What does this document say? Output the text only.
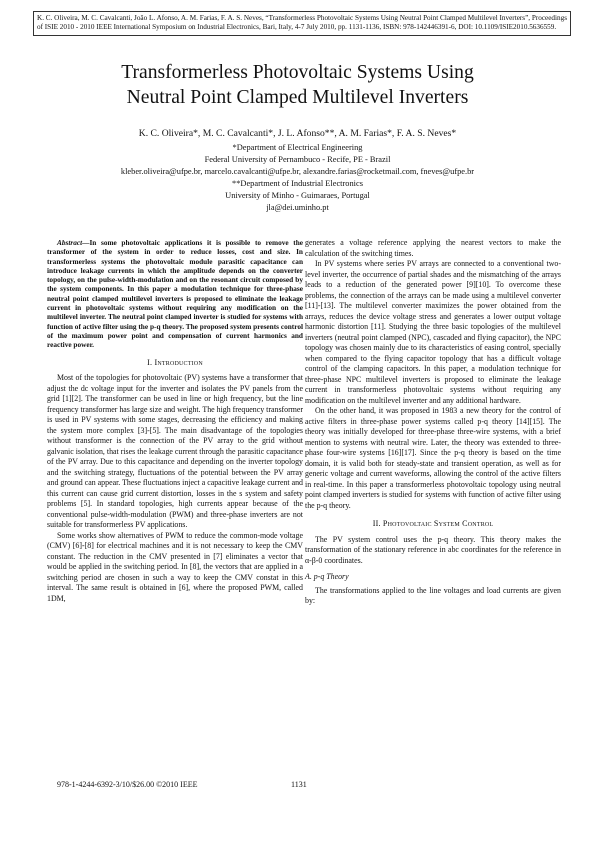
K. C. Oliveira, M. C. Cavalcanti, João L. Afonso, A. M. Farias, F. A. S. Neves, “Transformerless Photovoltaic Systems Using Neutral Point Clamped Multilevel Inverters”, Proceedings of ISIE 2010 - 2010 IEEE International Symposium on Industrial Electronics, Bari, Italy, 4-7 July 2010, pp. 1131-1136, ISBN: 978-142446391-6, DOI: 10.1109/ISIE2010.5636559.
Transformerless Photovoltaic Systems Using
Neutral Point Clamped Multilevel Inverters
K. C. Oliveira*, M. C. Cavalcanti*, J. L. Afonso**, A. M. Farias*, F. A. S. Neves*
*Department of Electrical Engineering
Federal University of Pernambuco - Recife, PE - Brazil
kleber.oliveira@ufpe.br, marcelo.cavalcanti@ufpe.br, alexandre.farias@rocketmail.com, fneves@ufpe.br
**Department of Industrial Electronics
University of Minho - Guimaraes, Portugal
jla@dei.uminho.pt

Abstract—In some photovoltaic applications it is possible to remove the transformer of the system in order to reduce losses, cost and size. In transformerless systems the photovoltaic module parasitic capacitance can introduce leakage currents in which the amplitude depends on the converter topology, on the pulse-width-modulation and on the resonant circuit composed by the system components. In this paper a modulation technique for three-phase neutral point clamped multilevel inverters is proposed to eliminate the leakage current in photovoltaic systems without requiring any modification on the multilevel inverter. The neutral point clamped inverter is studied for systems with function of active filter using the p-q theory. The proposed system presents control of the maximum power point and compensation of current harmonics and reactive power.

I. Introduction

Most of the topologies for photovoltaic (PV) systems have a transformer that adjust the dc voltage input for the inverter and isolates the PV panels from the grid [1][2]. The transformer can be used in line or high frequency, but the line frequency transformer has large size and weight. The high frequency transformer is used in PV systems with some stages, decreasing the efficiency and making the system more complex [3]-[5]. The main disadvantage of the topologies without transformer is the connection of the PV array to the grid without galvanic isolation, that rises the leakage current through the parasitic capacitance of the PV array. Due to this capacitance and depending on the inverter topology and the switching strategy, fluctuations of the potential between the PV array and ground can appear. These fluctuations inject a capacitive leakage current and this current can cause grid current distortion, losses in the s system and safety problems [5]. In standard topologies, high currents appear because of the conventional pulse-width-modulation (PWM) and three-phase inverters are not suitable for transformerless PV applications.

Some works show alternatives of PWM to reduce the common-mode voltage (CMV) [6]-[8] for electrical machines and it is not necessary to keep the CMV constant. The reduction in the CMV presented in [7] eliminates a vector that would be applied in the switching period. In [8], the vectors that are applied in a switching period are chosen in such a way to keep the CMV constat in this interval. The same result is obtained in [6], where the proposed PWM, called 1DM,

generates a voltage reference applying the nearest vectors to make the calculation of the switching times.

In PV systems where series PV arrays are connected to a conventional two-level inverter, the occurrence of partial shades and the mismatching of the arrays leads to a reduction of the generated power [9][10]. To overcome these problems, the connection of the arrays can be made using a multilevel converter [11]-[13]. The multilevel converter maximizes the power obtained from the arrays, reduces the device voltage stress and generates a lower output voltage harmonic distortion [11]. Studying the three basic topologies of the multilevel inverters (neutral point clamped (NPC), cascaded and flying capacitor), the NPC topology was chosen mainly due to its characteristics of easing control, specially when compared to the flying capacitor topology that has a difficult voltage control of the clamping capacitors. In this paper, a modulation technique for three-phase NPC multilevel inverters is proposed to eliminate the leakage current in transformerless photovoltaic systems without requiring any modification on the multilevel inverter and any additional hardware.

On the other hand, it was proposed in 1983 a new theory for the control of active filters in three-phase power systems called p-q theory [14][15]. The theory was initially developed for three-phase three-wire systems, with a brief mention to systems with neutral wire. Later, the theory was extended to three-phase four-wire systems [16][17]. Since the p-q theory is based on the time domain, it is valid both for steady-state and transient operation, as well as for generic voltage and current waveforms, allowing the control of the active filters in real-time. In this paper a transformerless photovoltaic topology using neutral point clamped inverters is studied for systems with function of active filter using the p-q theory.

II. Photovoltaic System Control

The PV system control uses the p-q theory. This theory makes the transformation of the stationary reference in abc coordinates for the reference in α-β-0 coordinates.

A. p-q Theory

The transformations applied to the line voltages and load currents are given by:

978-1-4244-6392-3/10/$26.00 ©2010 IEEE	1131
